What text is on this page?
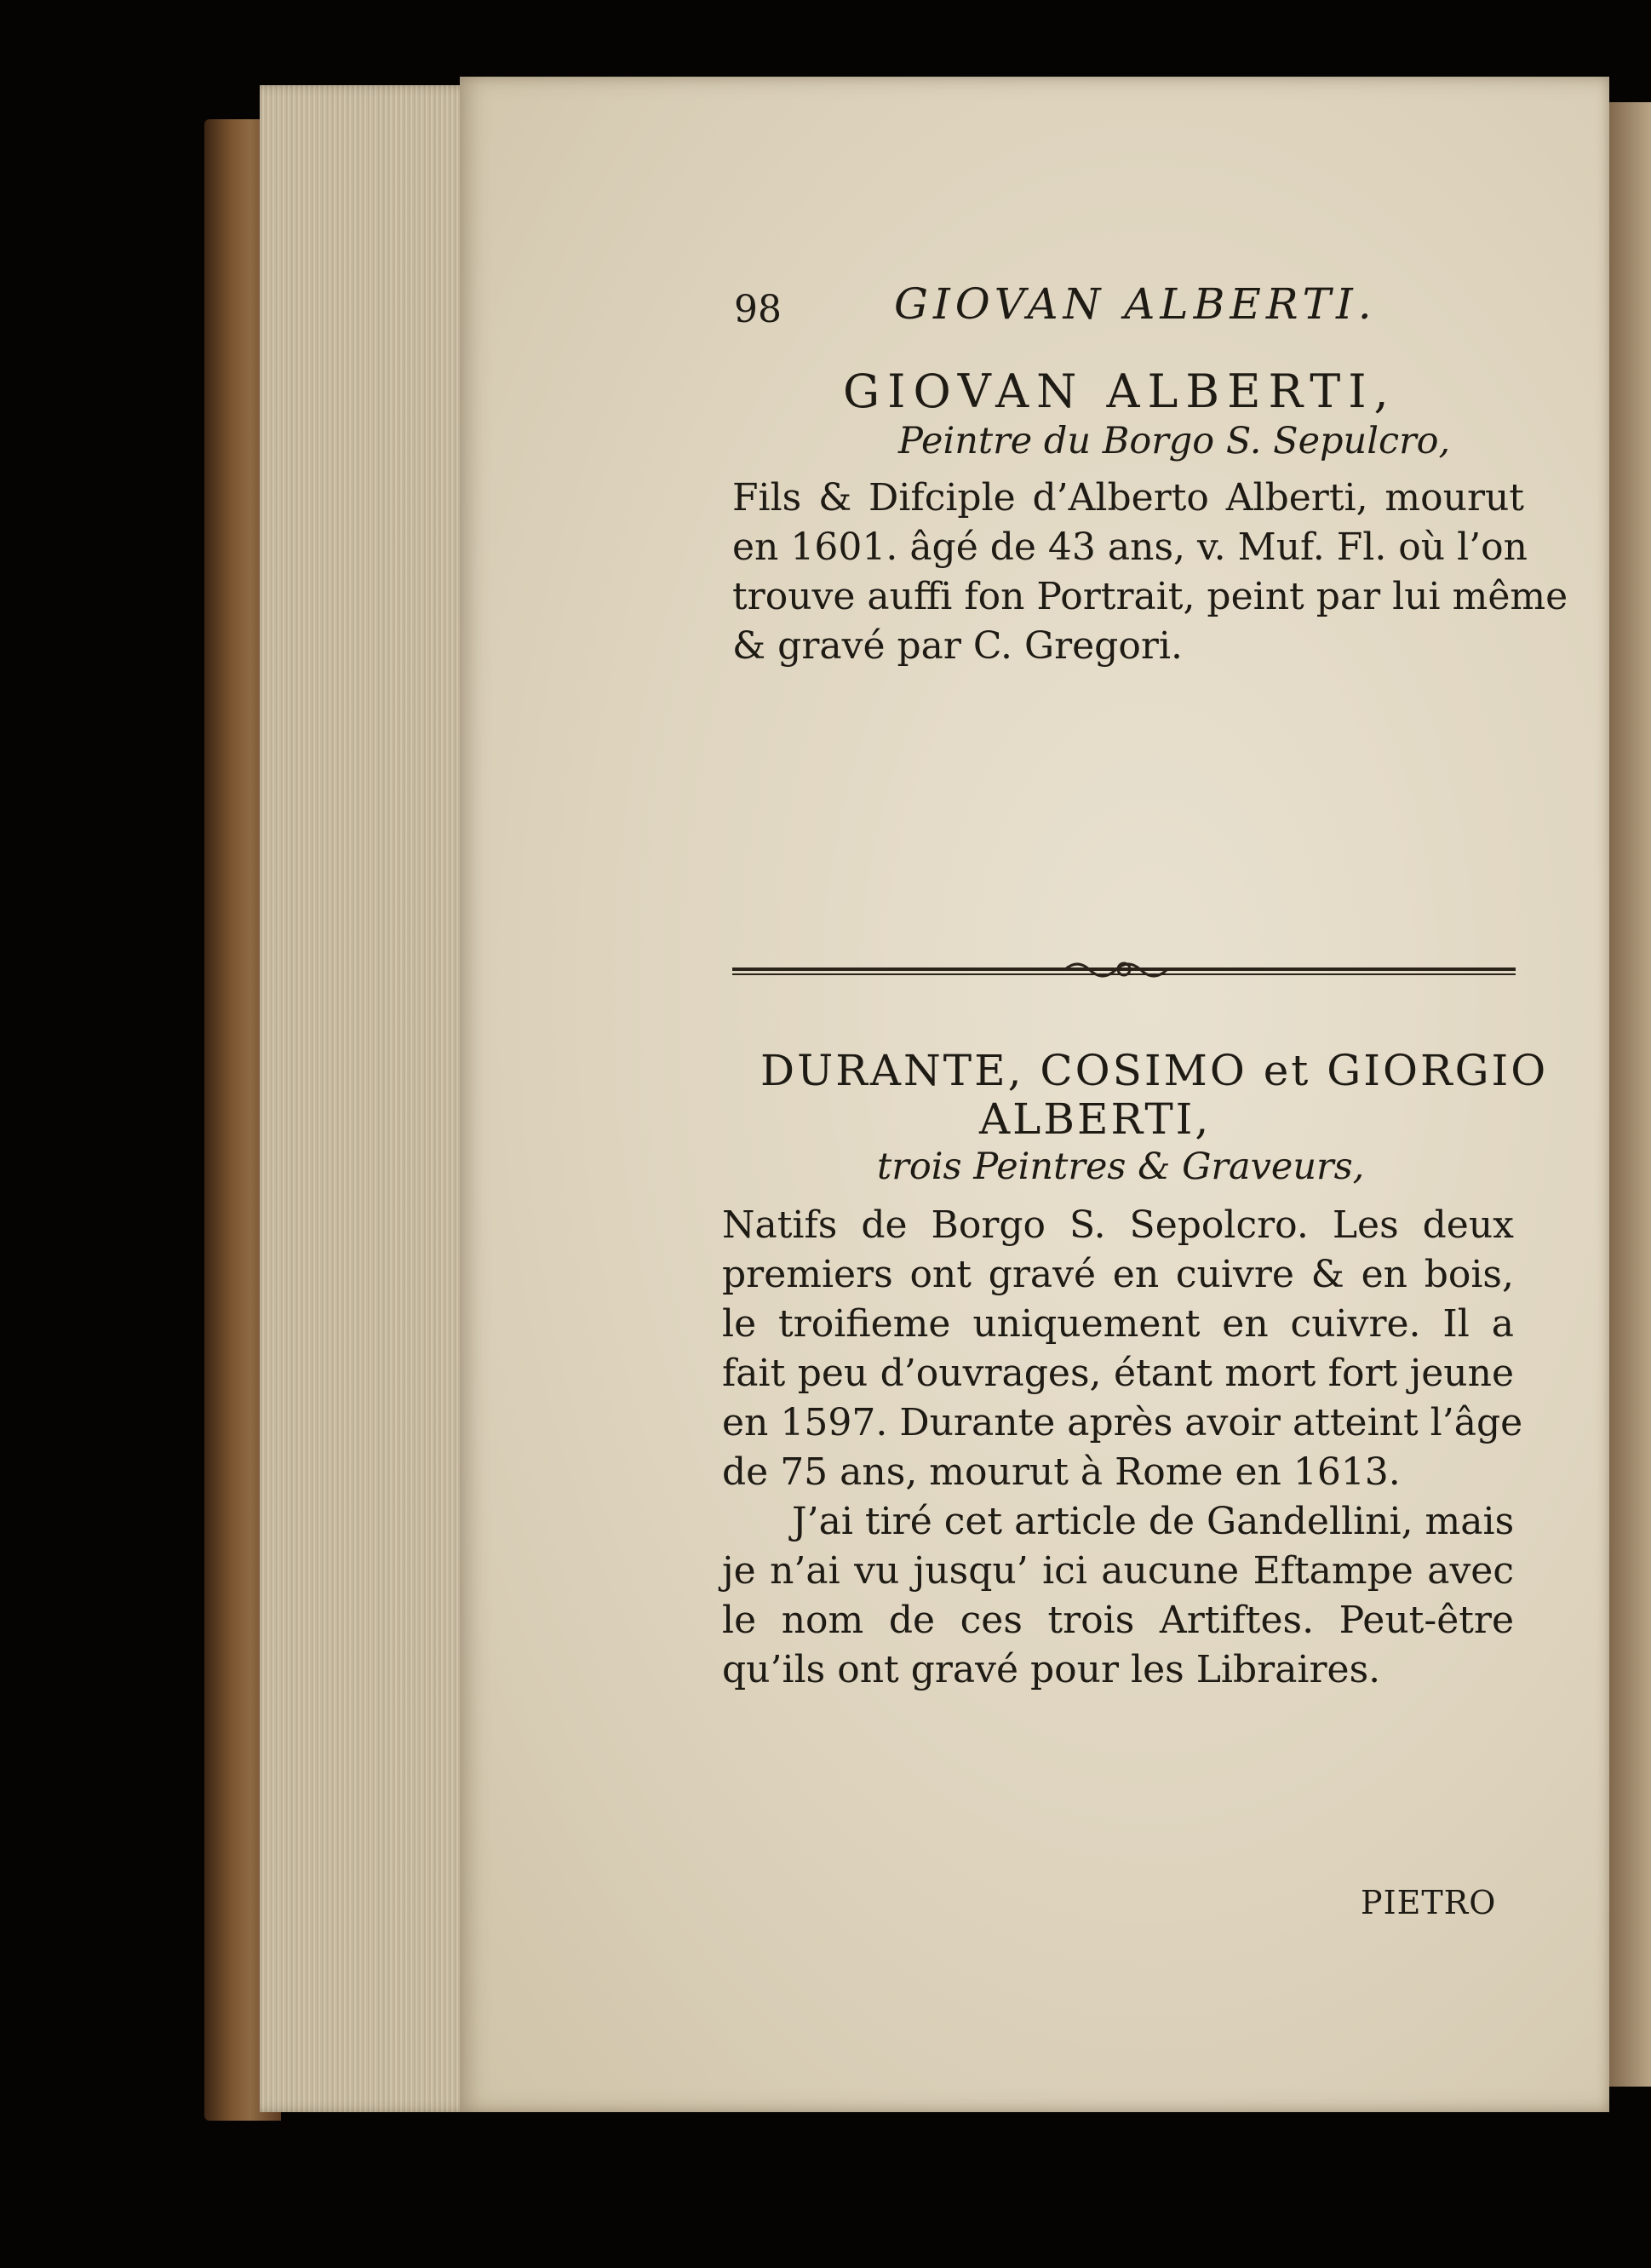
98	GIOVAN ALBERTI.
GIOVAN ALBERTI,
Peintre du Borgo S. Sepulcro,
Fils & Difciple d’Alberto Alberti, mourut
en 1601. âgé de 43 ans, v. Muf. Fl. où l’on
trouve auffi fon Portrait, peint par lui même
& gravé par C. Gregori.
DURANTE, COSIMO et GIORGIO
ALBERTI,
trois Peintres & Graveurs,
Natifs de Borgo S. Sepolcro. Les deux
premiers ont gravé en cuivre & en bois,
le troifieme uniquement en cuivre. Il a
fait peu d’ouvrages, étant mort fort jeune
en 1597. Durante après avoir atteint l’âge
de 75 ans, mourut à Rome en 1613.
J’ai tiré cet article de Gandellini, mais
je n’ai vu jusqu’ ici aucune Eftampe avec
le nom de ces trois Artiftes. Peut-être
qu’ils ont gravé pour les Libraires.
PIETRO
